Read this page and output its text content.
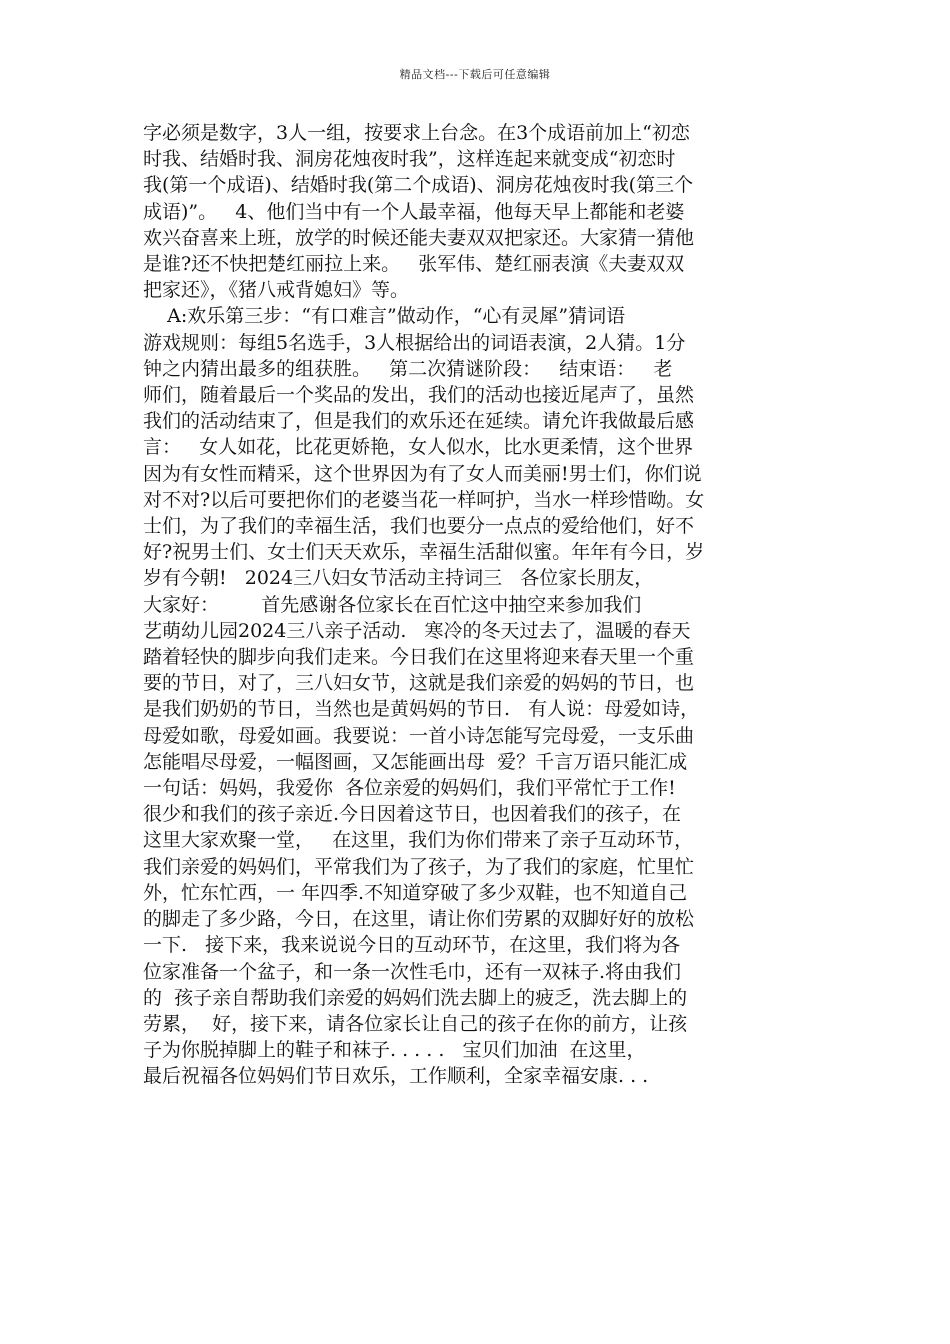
精品文档---下载后可任意编辑
字必须是数字，3人一组，按要求上台念。在3个成语前加上“初恋
时我、结婚时我、洞房花烛夜时我”，这样连起来就变成“初恋时
我(第一个成语)、结婚时我(第二个成语)、洞房花烛夜时我(第三个
成语)”。   4、他们当中有一个人最幸福，他每天早上都能和老婆
欢兴奋喜来上班，放学的时候还能夫妻双双把家还。大家猜一猜他
是谁?还不快把楚红丽拉上来。   张军伟、楚红丽表演《夫妻双双
把家还》，《猪八戒背媳妇》等。
A:欢乐第三步：“有口难言”做动作，“心有灵犀”猜词语
游戏规则：每组5名选手，3人根据给出的词语表演，2人猜。1分
钟之内猜出最多的组获胜。   第二次猜谜阶段：   结束语：   老
师们，随着最后一个奖品的发出，我们的活动也接近尾声了，虽然
我们的活动结束了，但是我们的欢乐还在延续。请允许我做最后感
言：   女人如花，比花更娇艳，女人似水，比水更柔情，这个世界
因为有女性而精采，这个世界因为有了女人而美丽!男士们，你们说
对不对?以后可要把你们的老婆当花一样呵护，当水一样珍惜呦。女
士们，为了我们的幸福生活，我们也要分一点点的爱给他们，好不
好?祝男士们、女士们天天欢乐，幸福生活甜似蜜。年年有今日，岁
岁有今朝!   2024三八妇女节活动主持词三   各位家长朋友，
大家好：       首先感谢各位家长在百忙这中抽空来参加我们
艺萌幼儿园2024三八亲子活动.   寒冷的冬天过去了，温暖的春天
踏着轻快的脚步向我们走来。今日我们在这里将迎来春天里一个重
要的节日，对了，三八妇女节，这就是我们亲爱的妈妈的节日，也
是我们奶奶的节日，当然也是黄妈妈的节日.   有人说：母爱如诗，
母爱如歌，母爱如画。我要说：一首小诗怎能写完母爱，一支乐曲
怎能唱尽母爱，一幅图画，又怎能画出母  爱？千言万语只能汇成
一句话：妈妈，我爱你  各位亲爱的妈妈们，我们平常忙于工作!
很少和我们的孩子亲近.今日因着这节日，也因着我们的孩子，在
这里大家欢聚一堂，   在这里，我们为你们带来了亲子互动环节，
我们亲爱的妈妈们，平常我们为了孩子，为了我们的家庭，忙里忙
外，忙东忙西，一 年四季.不知道穿破了多少双鞋，也不知道自己
的脚走了多少路，今日，在这里，请让你们劳累的双脚好好的放松
一下.   接下来，我来说说今日的互动环节，在这里，我们将为各
位家准备一个盆子，和一条一次性毛巾，还有一双袜子.将由我们
的  孩子亲自帮助我们亲爱的妈妈们洗去脚上的疲乏，洗去脚上的
劳累，  好，接下来，请各位家长让自己的孩子在你的前方，让孩
子为你脱掉脚上的鞋子和袜子. . . . .   宝贝们加油  在这里，
最后祝福各位妈妈们节日欢乐，工作顺利，全家幸福安康. . .
